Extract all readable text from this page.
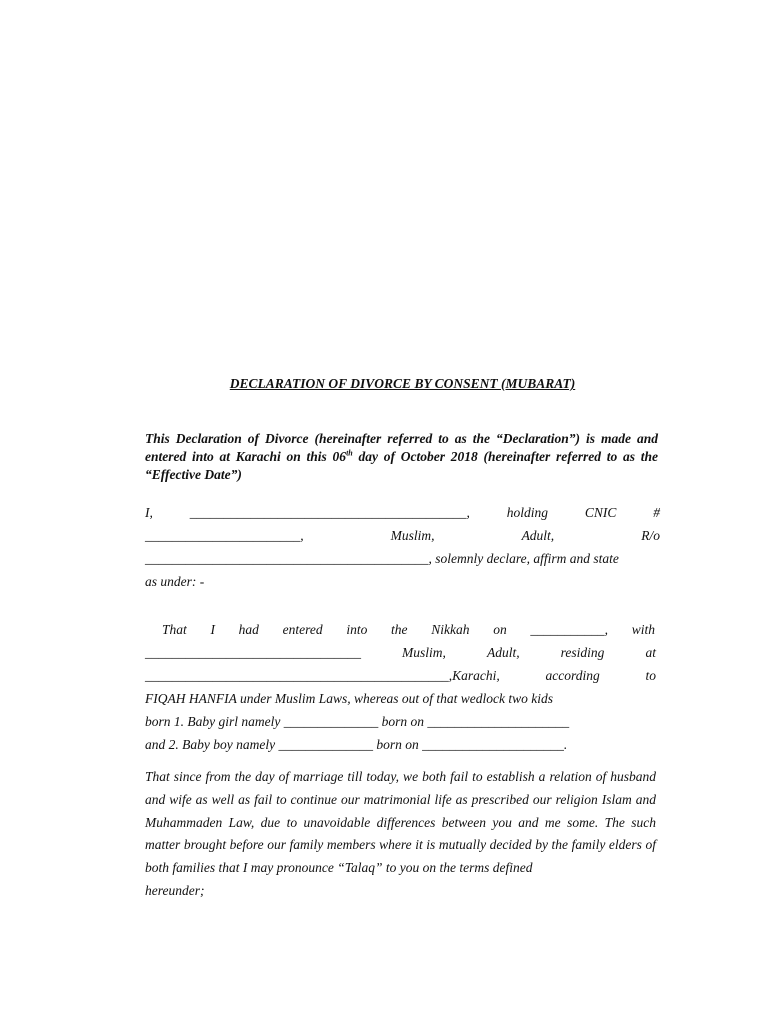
DECLARATION OF DIVORCE BY CONSENT (MUBARAT)
This Declaration of Divorce (hereinafter referred to as the “Declaration”) is made and entered into at Karachi on this 06th day of October 2018 (hereinafter referred to as the “Effective Date”)
I,	_________________________________________,	holding	CNIC	#
_______________________,	Muslim,	Adult,	R/o
__________________________________________, solemnly declare, affirm and state
as under: -
That I had entered into the Nikkah on ___________, with
________________________________	Muslim,	Adult,	residing	at
_____________________________________________,Karachi,	according	to
FIQAH HANFIA under Muslim Laws, whereas out of that wedlock two kids
born 1. Baby girl namely ______________ born on _____________________
and 2. Baby boy namely ______________ born on _____________________.
That since from the day of marriage till today, we both fail to establish a relation of husband and wife as well as fail to continue our matrimonial life as prescribed our religion Islam and Muhammaden Law, due to unavoidable differences between you and me some. The such matter brought before our family members where it is mutually decided by the family elders of both families that I may pronounce “Talaq” to you on the terms defined
hereunder;
